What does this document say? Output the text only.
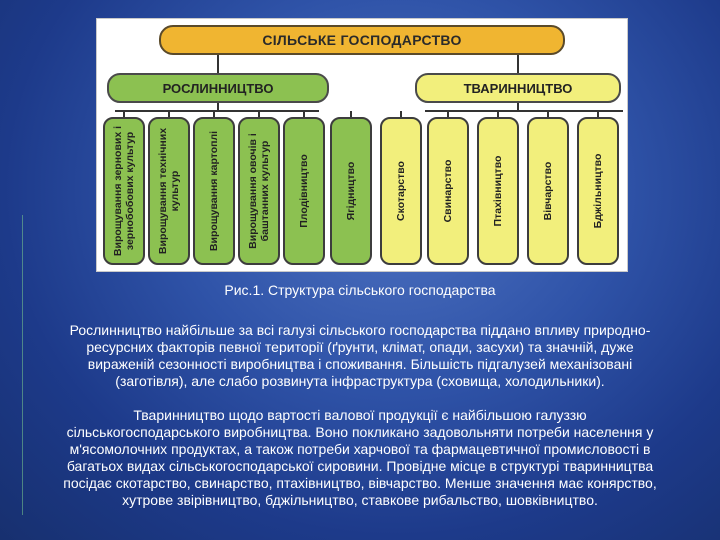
СІЛЬСЬКЕ ГОСПОДАРСТВО
РОСЛИННИЦТВО	ТВАРИННИЦТВО
Вирощування зернових і зернобобових культур Вирощування технічних культур	Вирощування картоплі	Вирощування овочів і баштанних культур	Плодівництво	Ягідництво	Скотарство	Свинарство	Птахівництво	Вівчарство	Бджільництво
Рис.1. Структура сільського господарства

Рослинництво найбільше за всі галузі сільського господарства піддано впливу природно-ресурсних факторів певної території (ґрунти, клімат, опади, засухи) та значній, дуже вираженій сезонності виробництва і споживання. Більшість підгалузей механізовані (заготівля), але слабо розвинута інфраструктура (сховища, холодильники).

Тваринництво щодо вартості валової продукції є найбільшою галуззю сільськогосподарського виробництва. Воно покликано задовольняти потреби населення у м'ясомолочних продуктах, а також потреби харчової та фармацевтичної промисловості в багатьох видах сільськогосподарської сировини. Провідне місце в структурі тваринництва посідає скотарство, свинарство, птахівництво, вівчарство. Менше значення має конярство, хутрове звірівництво, бджільництво, ставкове рибальство, шовківництво.
